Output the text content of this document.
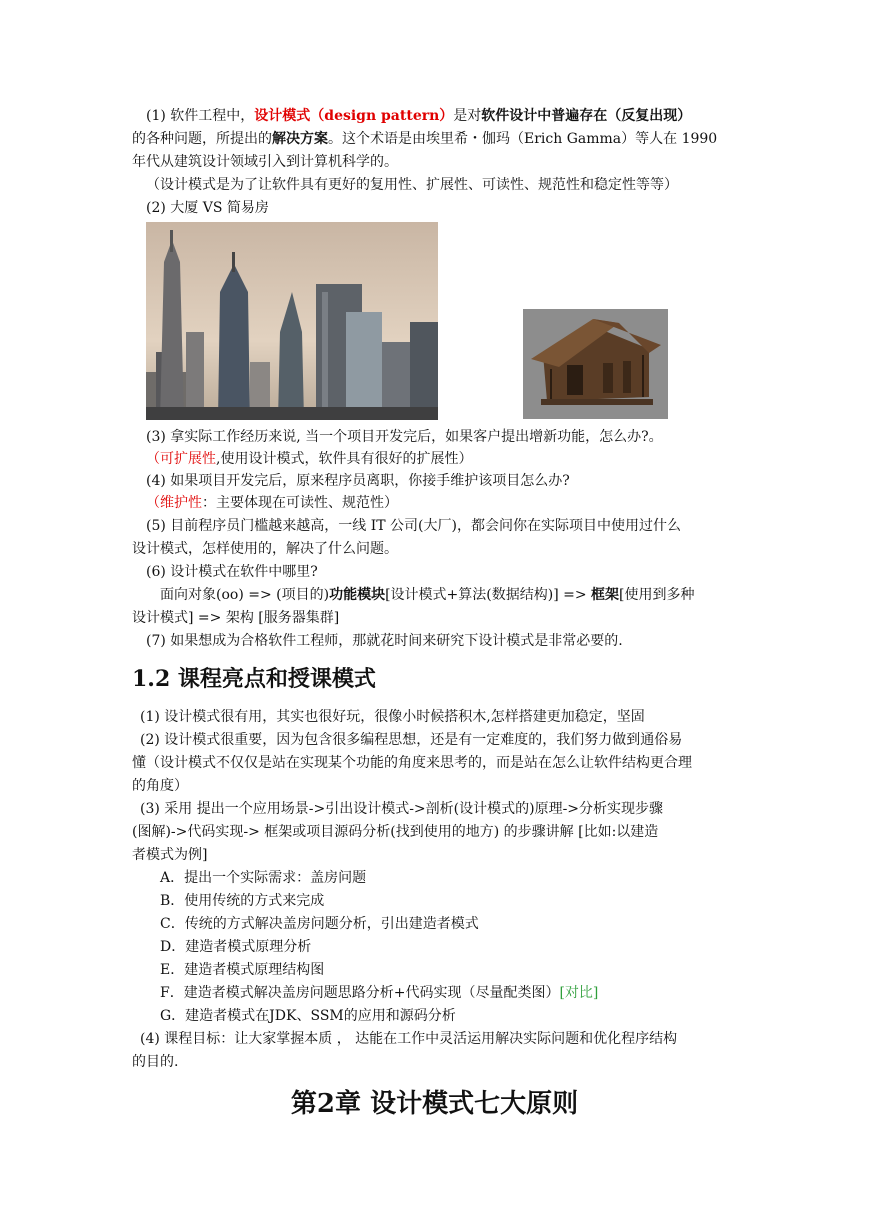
(1) 软件工程中，设计模式（design pattern）是对软件设计中普遍存在（反复出现）
的各种问题，所提出的解决方案。这个术语是由埃里希・伽玛（Erich Gamma）等人在 1990
年代从建筑设计领域引入到计算机科学的。
（设计模式是为了让软件具有更好的复用性、扩展性、可读性、规范性和稳定性等等）
(2) 大厦 VS 简易房
(3) 拿实际工作经历来说, 当一个项目开发完后，如果客户提出增新功能，怎么办?。
（可扩展性,使用设计模式，软件具有很好的扩展性）
(4) 如果项目开发完后，原来程序员离职，你接手维护该项目怎么办?
（维护性：主要体现在可读性、规范性）
(5) 目前程序员门槛越来越高，一线 IT 公司(大厂)，都会问你在实际项目中使用过什么
设计模式，怎样使用的，解决了什么问题。
(6) 设计模式在软件中哪里?
面向对象(oo) => (项目的)功能模块[设计模式+算法(数据结构)] => 框架[使用到多种
设计模式] => 架构 [服务器集群]
(7) 如果想成为合格软件工程师，那就花时间来研究下设计模式是非常必要的.
1.2 课程亮点和授课模式
(1) 设计模式很有用，其实也很好玩，很像小时候搭积木,怎样搭建更加稳定，坚固
(2) 设计模式很重要，因为包含很多编程思想，还是有一定难度的，我们努力做到通俗易
懂（设计模式不仅仅是站在实现某个功能的角度来思考的，而是站在怎么让软件结构更合理
的角度）
(3) 采用 提出一个应用场景->引出设计模式->剖析(设计模式的)原理->分析实现步骤
(图解)->代码实现-> 框架或项目源码分析(找到使用的地方) 的步骤讲解 [比如:以建造
者模式为例]
A．提出一个实际需求：盖房问题
B．使用传统的方式来完成
C．传统的方式解决盖房问题分析，引出建造者模式
D．建造者模式原理分析
E．建造者模式原理结构图
F．建造者模式解决盖房问题思路分析+代码实现（尽量配类图）[对比]
G．建造者模式在JDK、SSM的应用和源码分析
(4) 课程目标：让大家掌握本质 ， 达能在工作中灵活运用解决实际问题和优化程序结构
的目的.
第2章 设计模式七大原则
